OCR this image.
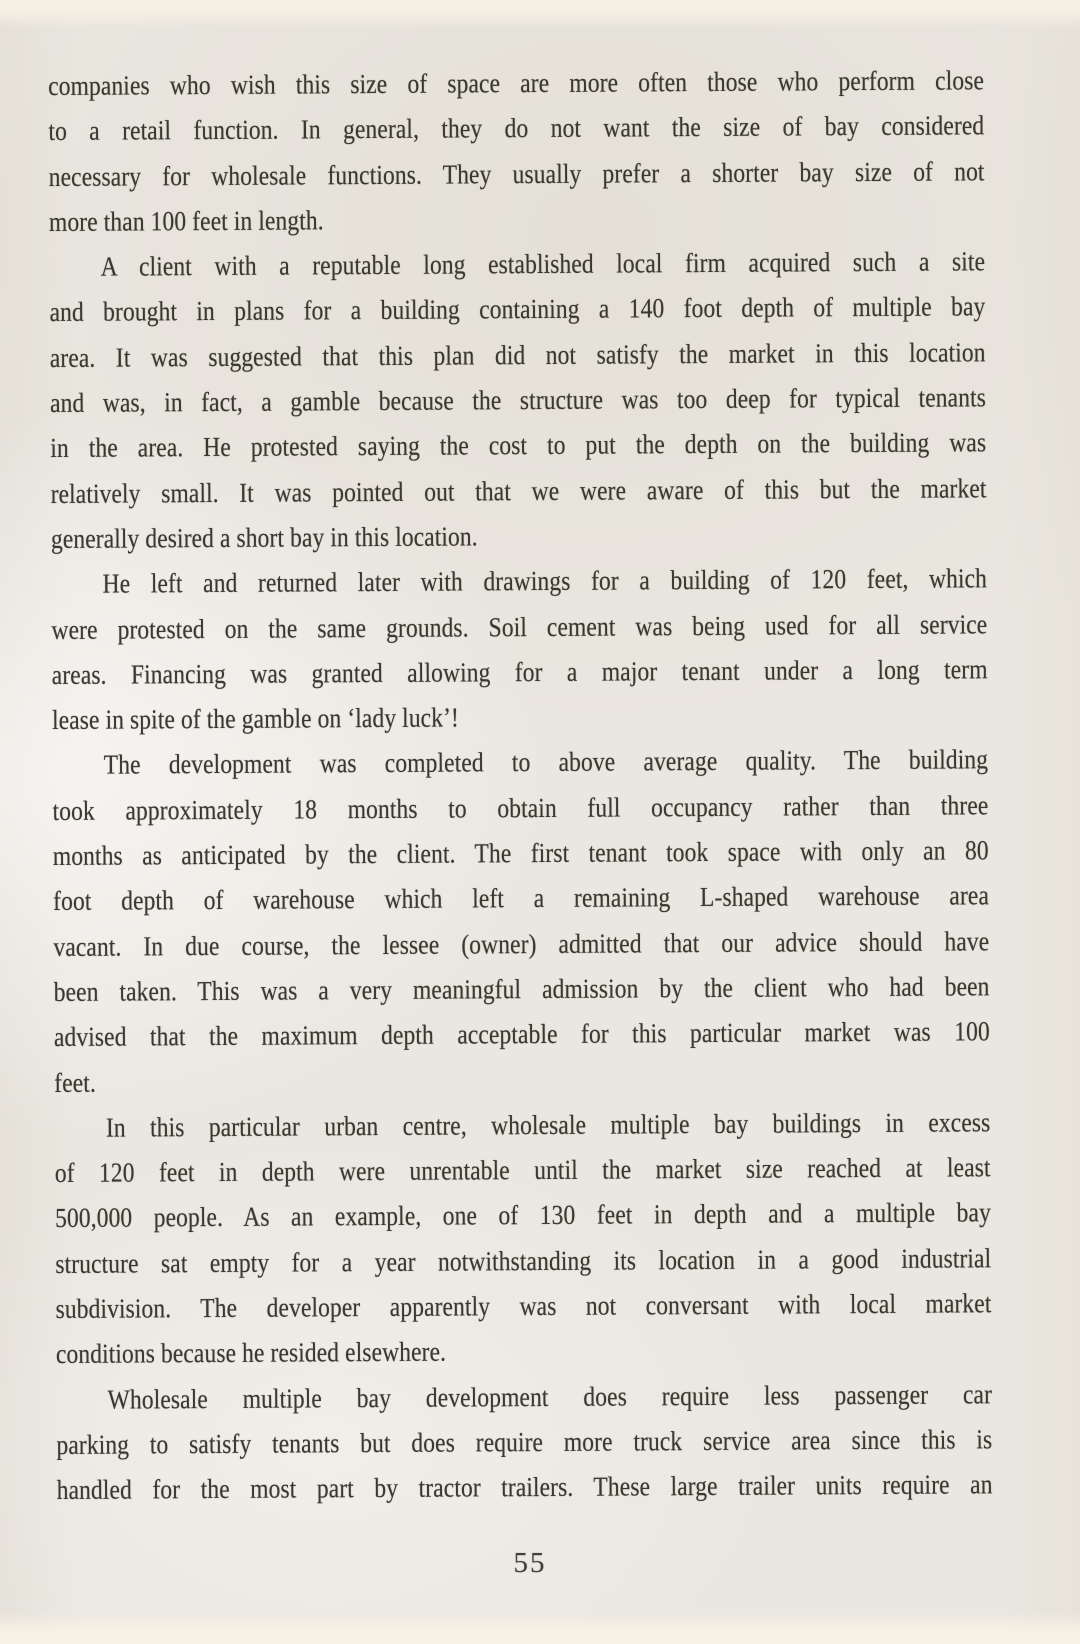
companies who wish this size of space are more often those who perform close
to a retail function. In general, they do not want the size of bay considered
necessary for wholesale functions. They usually prefer a shorter bay size of not
more than 100 feet in length.
A client with a reputable long established local firm acquired such a site
and brought in plans for a building containing a 140 foot depth of multiple bay
area. It was suggested that this plan did not satisfy the market in this location
and was, in fact, a gamble because the structure was too deep for typical tenants
in the area. He protested saying the cost to put the depth on the building was
relatively small. It was pointed out that we were aware of this but the market
generally desired a short bay in this location.
He left and returned later with drawings for a building of 120 feet, which
were protested on the same grounds. Soil cement was being used for all service
areas. Financing was granted allowing for a major tenant under a long term
lease in spite of the gamble on ‘lady luck’!
The development was completed to above average quality. The building
took approximately 18 months to obtain full occupancy rather than three
months as anticipated by the client. The first tenant took space with only an 80
foot depth of warehouse which left a remaining L-shaped warehouse area
vacant. In due course, the lessee (owner) admitted that our advice should have
been taken. This was a very meaningful admission by the client who had been
advised that the maximum depth acceptable for this particular market was 100
feet.
In this particular urban centre, wholesale multiple bay buildings in excess
of 120 feet in depth were unrentable until the market size reached at least
500,000 people. As an example, one of 130 feet in depth and a multiple bay
structure sat empty for a year notwithstanding its location in a good industrial
subdivision. The developer apparently was not conversant with local market
conditions because he resided elsewhere.
Wholesale multiple bay development does require less passenger car
parking to satisfy tenants but does require more truck service area since this is
handled for the most part by tractor trailers. These large trailer units require an
55
